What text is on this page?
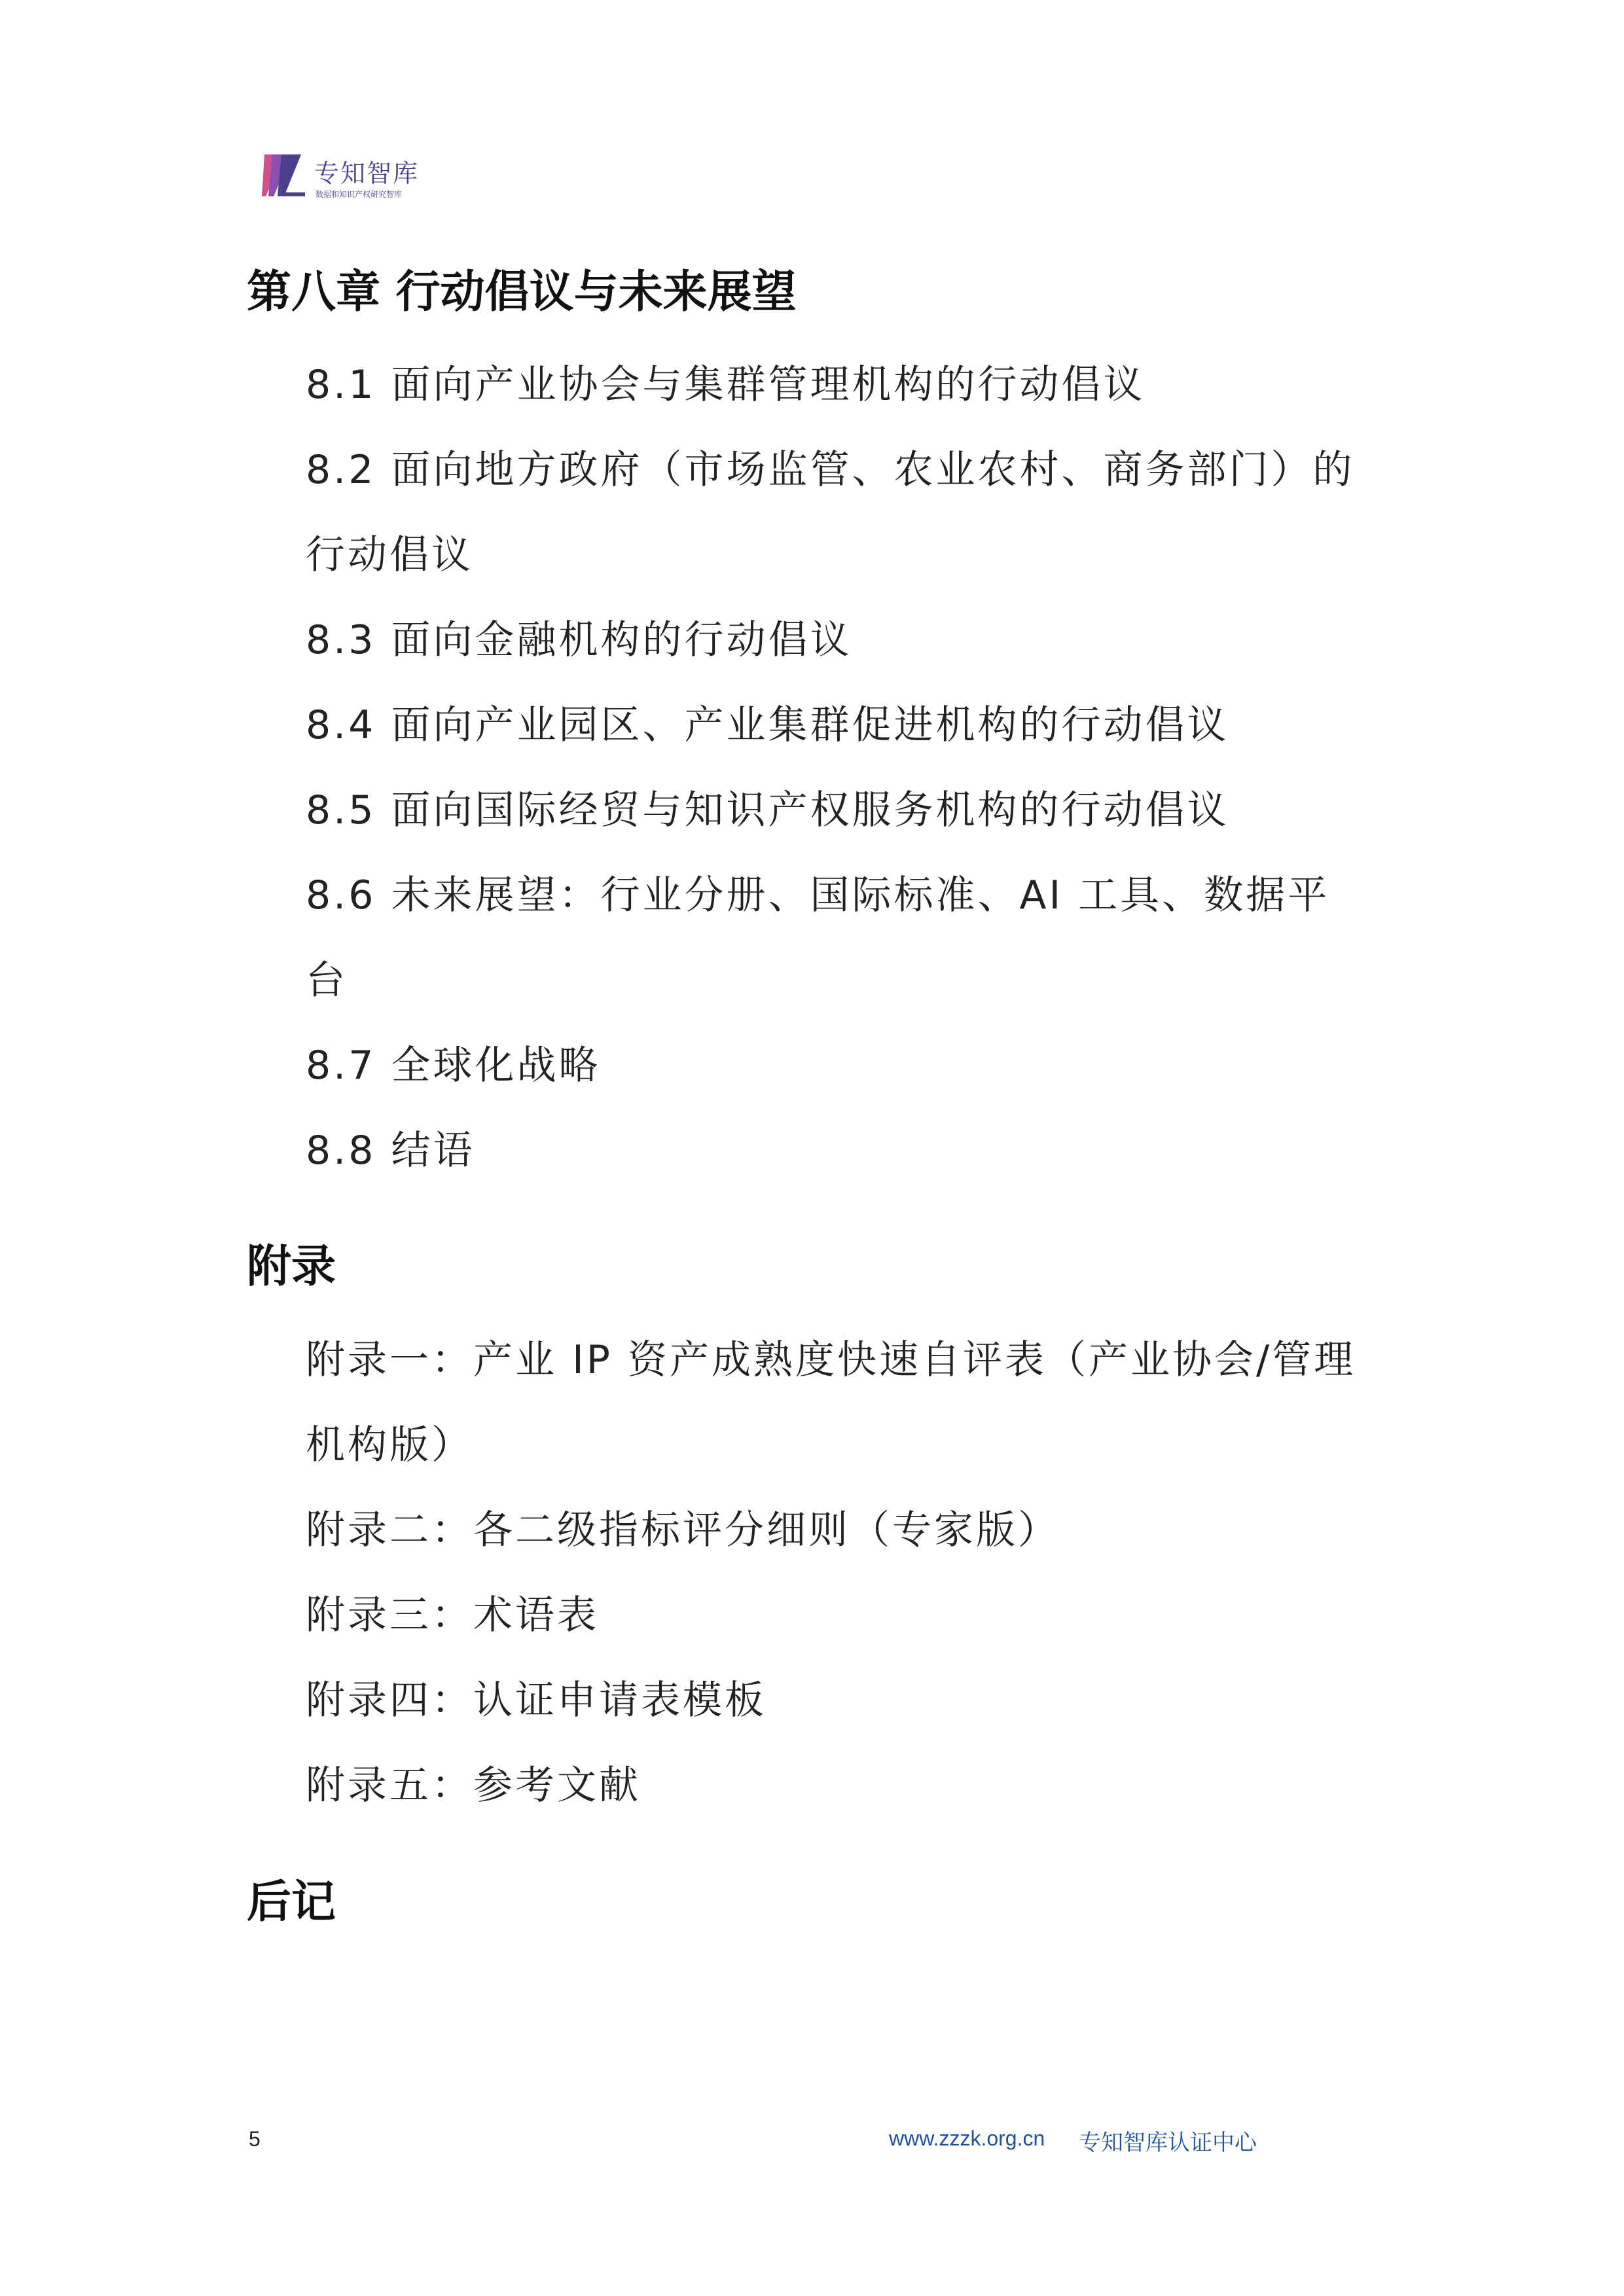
专知智库
数据和知识产权研究智库
第八章 行动倡议与未来展望
8.1 面向产业协会与集群管理机构的行动倡议
8.2 面向地方政府（市场监管、农业农村、商务部门）的
行动倡议
8.3 面向金融机构的行动倡议
8.4 面向产业园区、产业集群促进机构的行动倡议
8.5 面向国际经贸与知识产权服务机构的行动倡议
8.6 未来展望：行业分册、国际标准、AI 工具、数据平
台
8.7 全球化战略
8.8 结语
附录
附录一：产业 IP 资产成熟度快速自评表（产业协会/管理
机构版）
附录二：各二级指标评分细则（专家版）
附录三：术语表
附录四：认证申请表模板
附录五：参考文献
后记
5	www.zzzk.org.cn 专知智库认证中心
